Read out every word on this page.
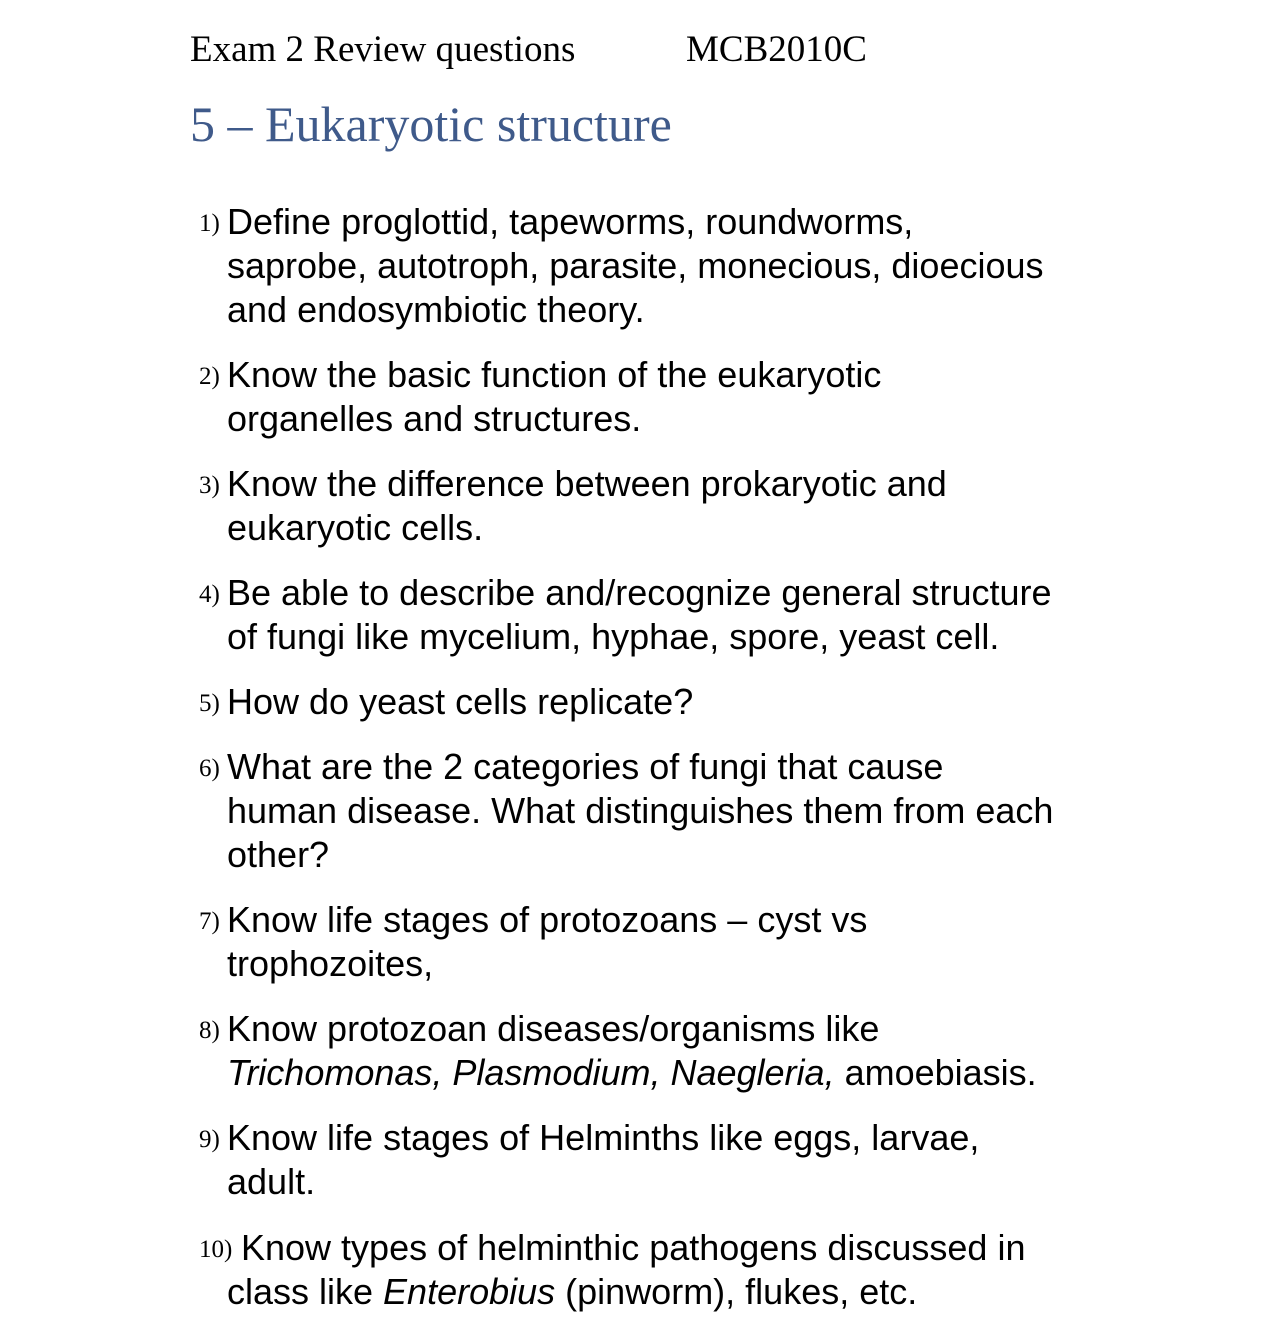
Exam 2 Review questions	MCB2010C
5 – Eukaryotic structure
1) Define proglottid, tapeworms, roundworms,
saprobe, autotroph, parasite, monecious, dioecious
and endosymbiotic theory.
2) Know the basic function of the eukaryotic
organelles and structures.
3) Know the difference between prokaryotic and
eukaryotic cells.
4) Be able to describe and/recognize general structure
of fungi like mycelium, hyphae, spore, yeast cell.
5) How do yeast cells replicate?
6) What are the 2 categories of fungi that cause
human disease. What distinguishes them from each
other?
7) Know life stages of protozoans – cyst vs
trophozoites,
8) Know protozoan diseases/organisms like
Trichomonas, Plasmodium, Naegleria, amoebiasis.
9) Know life stages of Helminths like eggs, larvae,
adult.
10) Know types of helminthic pathogens discussed in
class like Enterobius (pinworm), flukes, etc.
